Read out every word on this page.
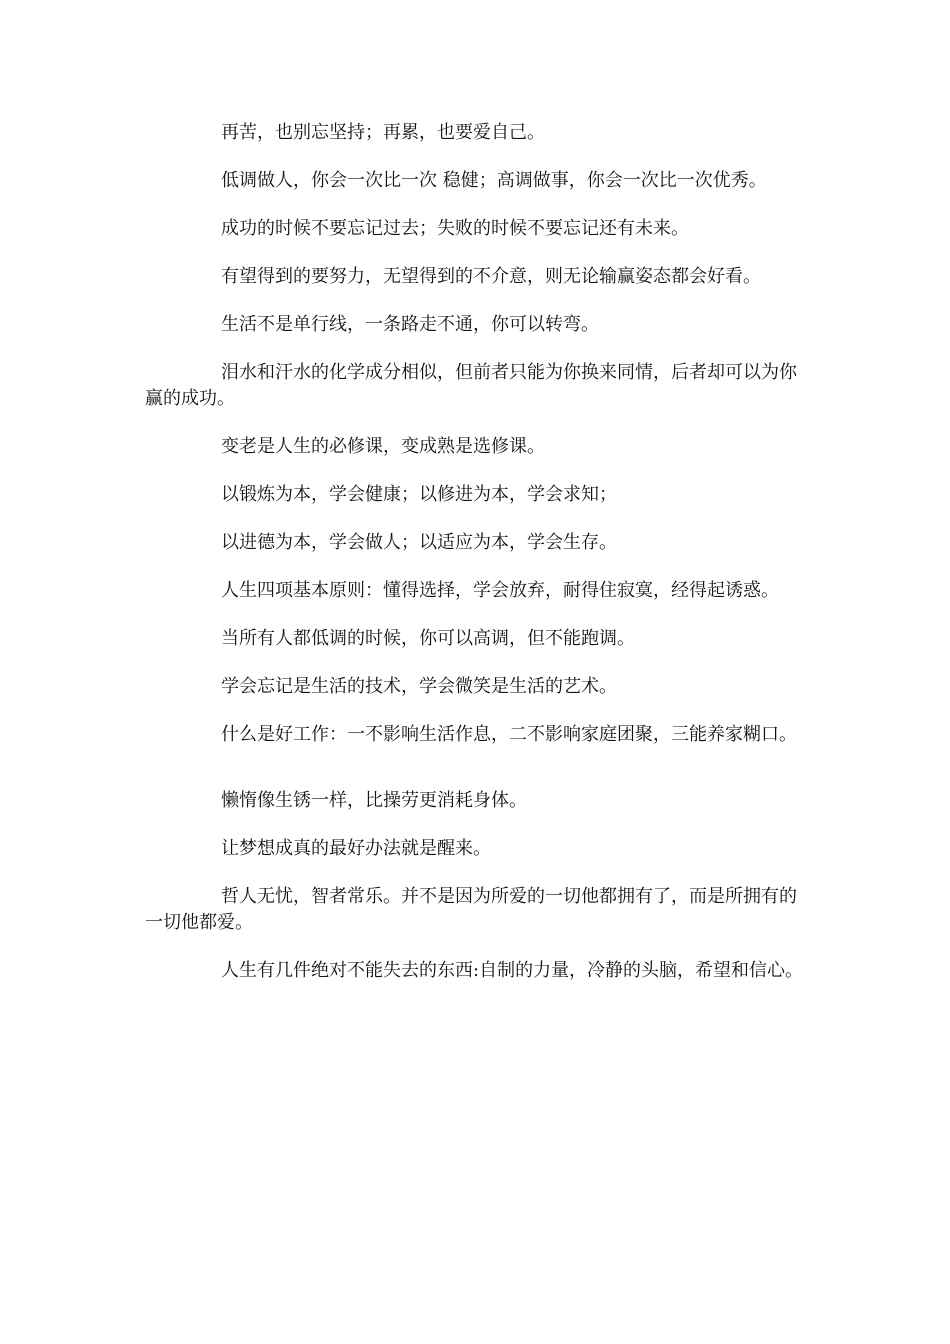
再苦，也别忘坚持；再累，也要爱自己。

低调做人，你会一次比一次 稳健；高调做事，你会一次比一次优秀。

成功的时候不要忘记过去；失败的时候不要忘记还有未来。

有望得到的要努力，无望得到的不介意，则无论输赢姿态都会好看。

生活不是单行线，一条路走不通，你可以转弯。

泪水和汗水的化学成分相似，但前者只能为你换来同情，后者却可以为你赢的成功。

变老是人生的必修课，变成熟是选修课。

以锻炼为本，学会健康；以修进为本，学会求知；

以进德为本，学会做人；以适应为本，学会生存。

人生四项基本原则：懂得选择，学会放弃，耐得住寂寞，经得起诱惑。

当所有人都低调的时候，你可以高调，但不能跑调。

学会忘记是生活的技术，学会微笑是生活的艺术。

什么是好工作：一不影响生活作息，二不影响家庭团聚，三能养家糊口。

懒惰像生锈一样，比操劳更消耗身体。

让梦想成真的最好办法就是醒来。

哲人无忧，智者常乐。并不是因为所爱的一切他都拥有了，而是所拥有的一切他都爱。

人生有几件绝对不能失去的东西:自制的力量，冷静的头脑，希望和信心。
